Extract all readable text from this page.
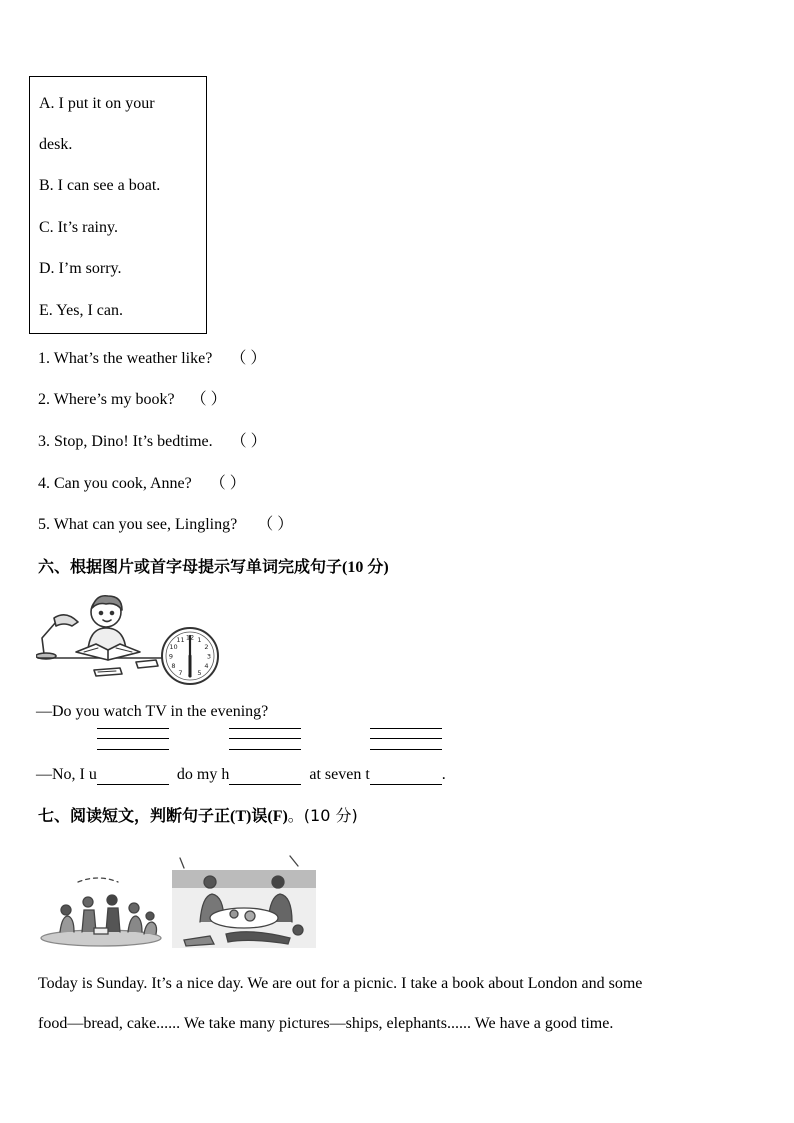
A. I put it on your
desk.
B. I can see a boat.
C. It’s rainy.
D. I’m sorry.
E. Yes, I can.
1. What’s the weather like? （ ）
2. Where’s my book? （ ）
3. Stop, Dino! It’s bedtime. （ ）
4. Can you cook, Anne? （ ）
5. What can you see, Lingling? （ ）
六、根据图片或首字母提示写单词完成句子(10 分)
12 1
2
3
4
5
6
7
8
9
10
11
—Do you watch TV in the evening?
—No, I u	do my h	at seven t	.
七、阅读短文，判断句子正(T)误(F)。(10 分)
Today is Sunday. It’s a nice day. We are out for a picnic. I take a book about London and some
food—bread, cake...... We take many pictures—ships, elephants...... We have a good time.
